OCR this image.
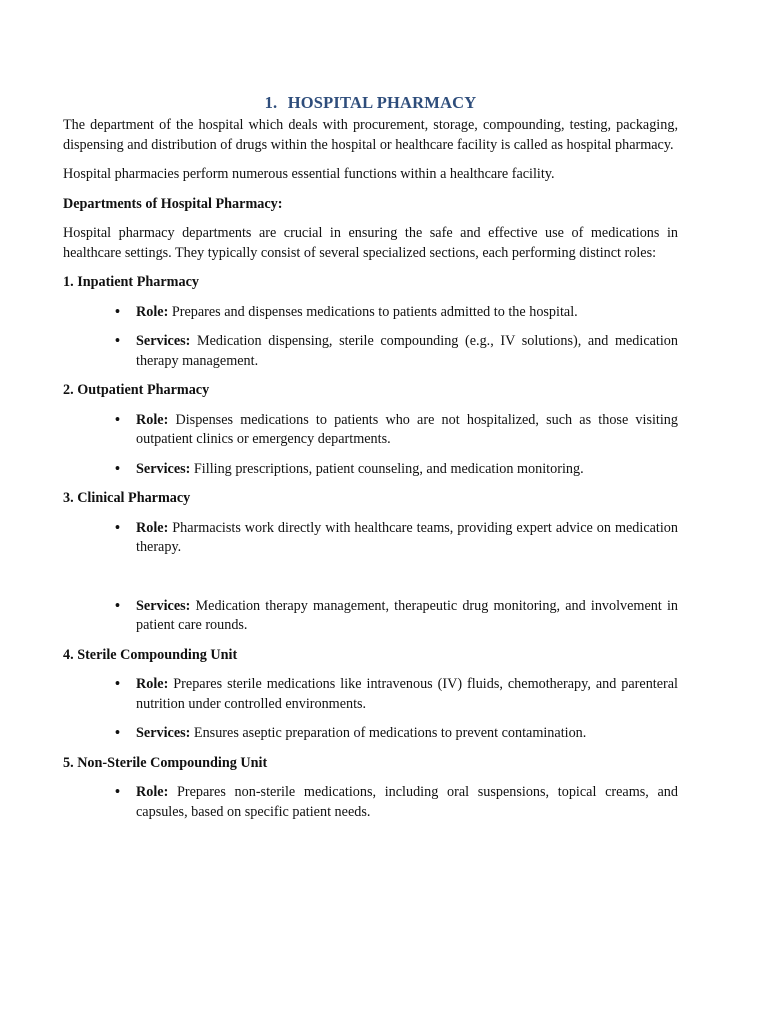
1. HOSPITAL PHARMACY

The department of the hospital which deals with procurement, storage, compounding, testing, packaging, dispensing and distribution of drugs within the hospital or healthcare facility is called as hospital pharmacy.

Hospital pharmacies perform numerous essential functions within a healthcare facility.

Departments of Hospital Pharmacy:

Hospital pharmacy departments are crucial in ensuring the safe and effective use of medications in healthcare settings. They typically consist of several specialized sections, each performing distinct roles:

1. Inpatient Pharmacy

• Role: Prepares and dispenses medications to patients admitted to the hospital.
• Services: Medication dispensing, sterile compounding (e.g., IV solutions), and medication therapy management.

2. Outpatient Pharmacy

• Role: Dispenses medications to patients who are not hospitalized, such as those visiting outpatient clinics or emergency departments.
• Services: Filling prescriptions, patient counseling, and medication monitoring.

3. Clinical Pharmacy

• Role: Pharmacists work directly with healthcare teams, providing expert advice on medication therapy.
• Services: Medication therapy management, therapeutic drug monitoring, and involvement in patient care rounds.

4. Sterile Compounding Unit

• Role: Prepares sterile medications like intravenous (IV) fluids, chemotherapy, and parenteral nutrition under controlled environments.
• Services: Ensures aseptic preparation of medications to prevent contamination.

5. Non-Sterile Compounding Unit

• Role: Prepares non-sterile medications, including oral suspensions, topical creams, and capsules, based on specific patient needs.
